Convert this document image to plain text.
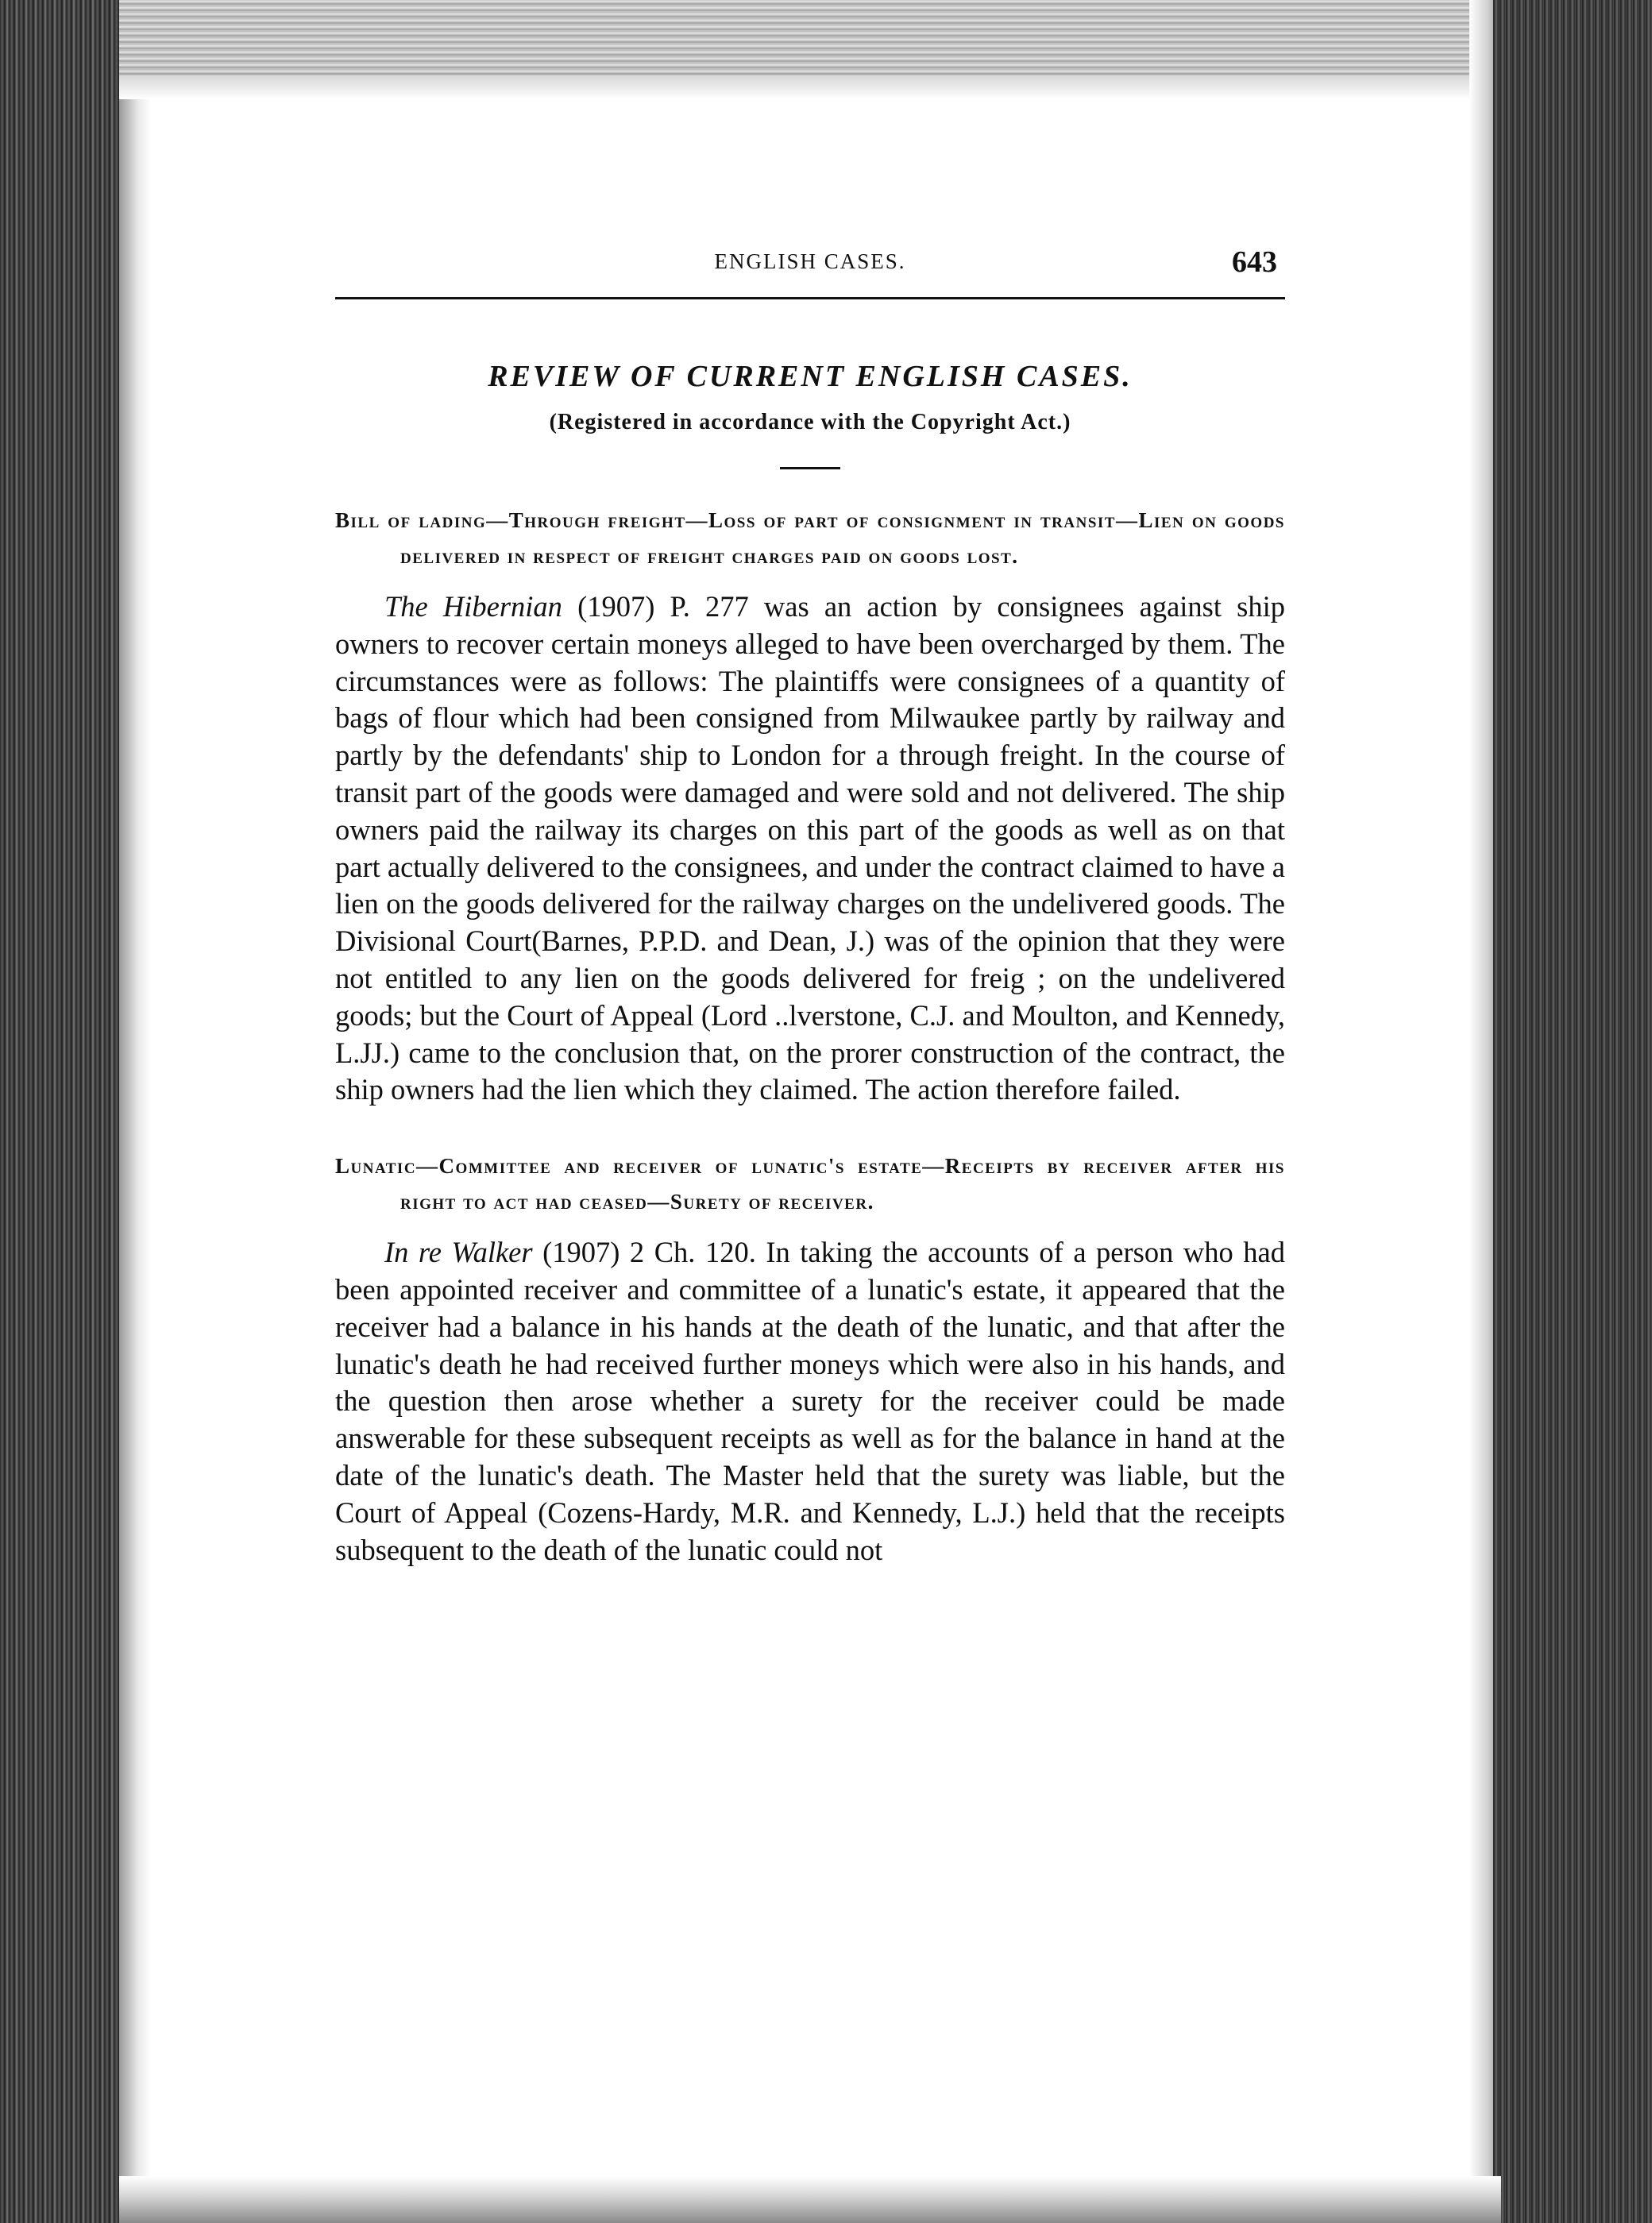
ENGLISH CASES.	643
REVIEW OF CURRENT ENGLISH CASES.
(Registered in accordance with the Copyright Act.)
Bill of lading—Through freight—Loss of part of consignment in transit—Lien on goods delivered in respect of freight charges paid on goods lost.

The Hibernian (1907) P. 277 was an action by consignees against ship owners to recover certain moneys alleged to have been overcharged by them. The circumstances were as follows: The plaintiffs were consignees of a quantity of bags of flour which had been consigned from Milwaukee partly by railway and partly by the defendants' ship to London for a through freight. In the course of transit part of the goods were damaged and were sold and not delivered. The ship owners paid the railway its charges on this part of the goods as well as on that part actually delivered to the consignees, and under the contract claimed to have a lien on the goods delivered for the railway charges on the undelivered goods. The Divisional Court(Barnes, P.P.D. and Dean, J.) was of the opinion that they were not entitled to any lien on the goods delivered for freig ; on the undelivered goods; but the Court of Appeal (Lord ..lverstone, C.J. and Moulton, and Kennedy, L.JJ.) came to the conclusion that, on the prorer construction of the contract, the ship owners had the lien which they claimed. The action therefore failed.

Lunatic—Committee and receiver of lunatic's estate—Receipts by receiver after his right to act had ceased—Surety of receiver.

In re Walker (1907) 2 Ch. 120. In taking the accounts of a person who had been appointed receiver and committee of a lunatic's estate, it appeared that the receiver had a balance in his hands at the death of the lunatic, and that after the lunatic's death he had received further moneys which were also in his hands, and the question then arose whether a surety for the receiver could be made answerable for these subsequent receipts as well as for the balance in hand at the date of the lunatic's death. The Master held that the surety was liable, but the Court of Appeal (Cozens-Hardy, M.R. and Kennedy, L.J.) held that the receipts subsequent to the death of the lunatic could not
